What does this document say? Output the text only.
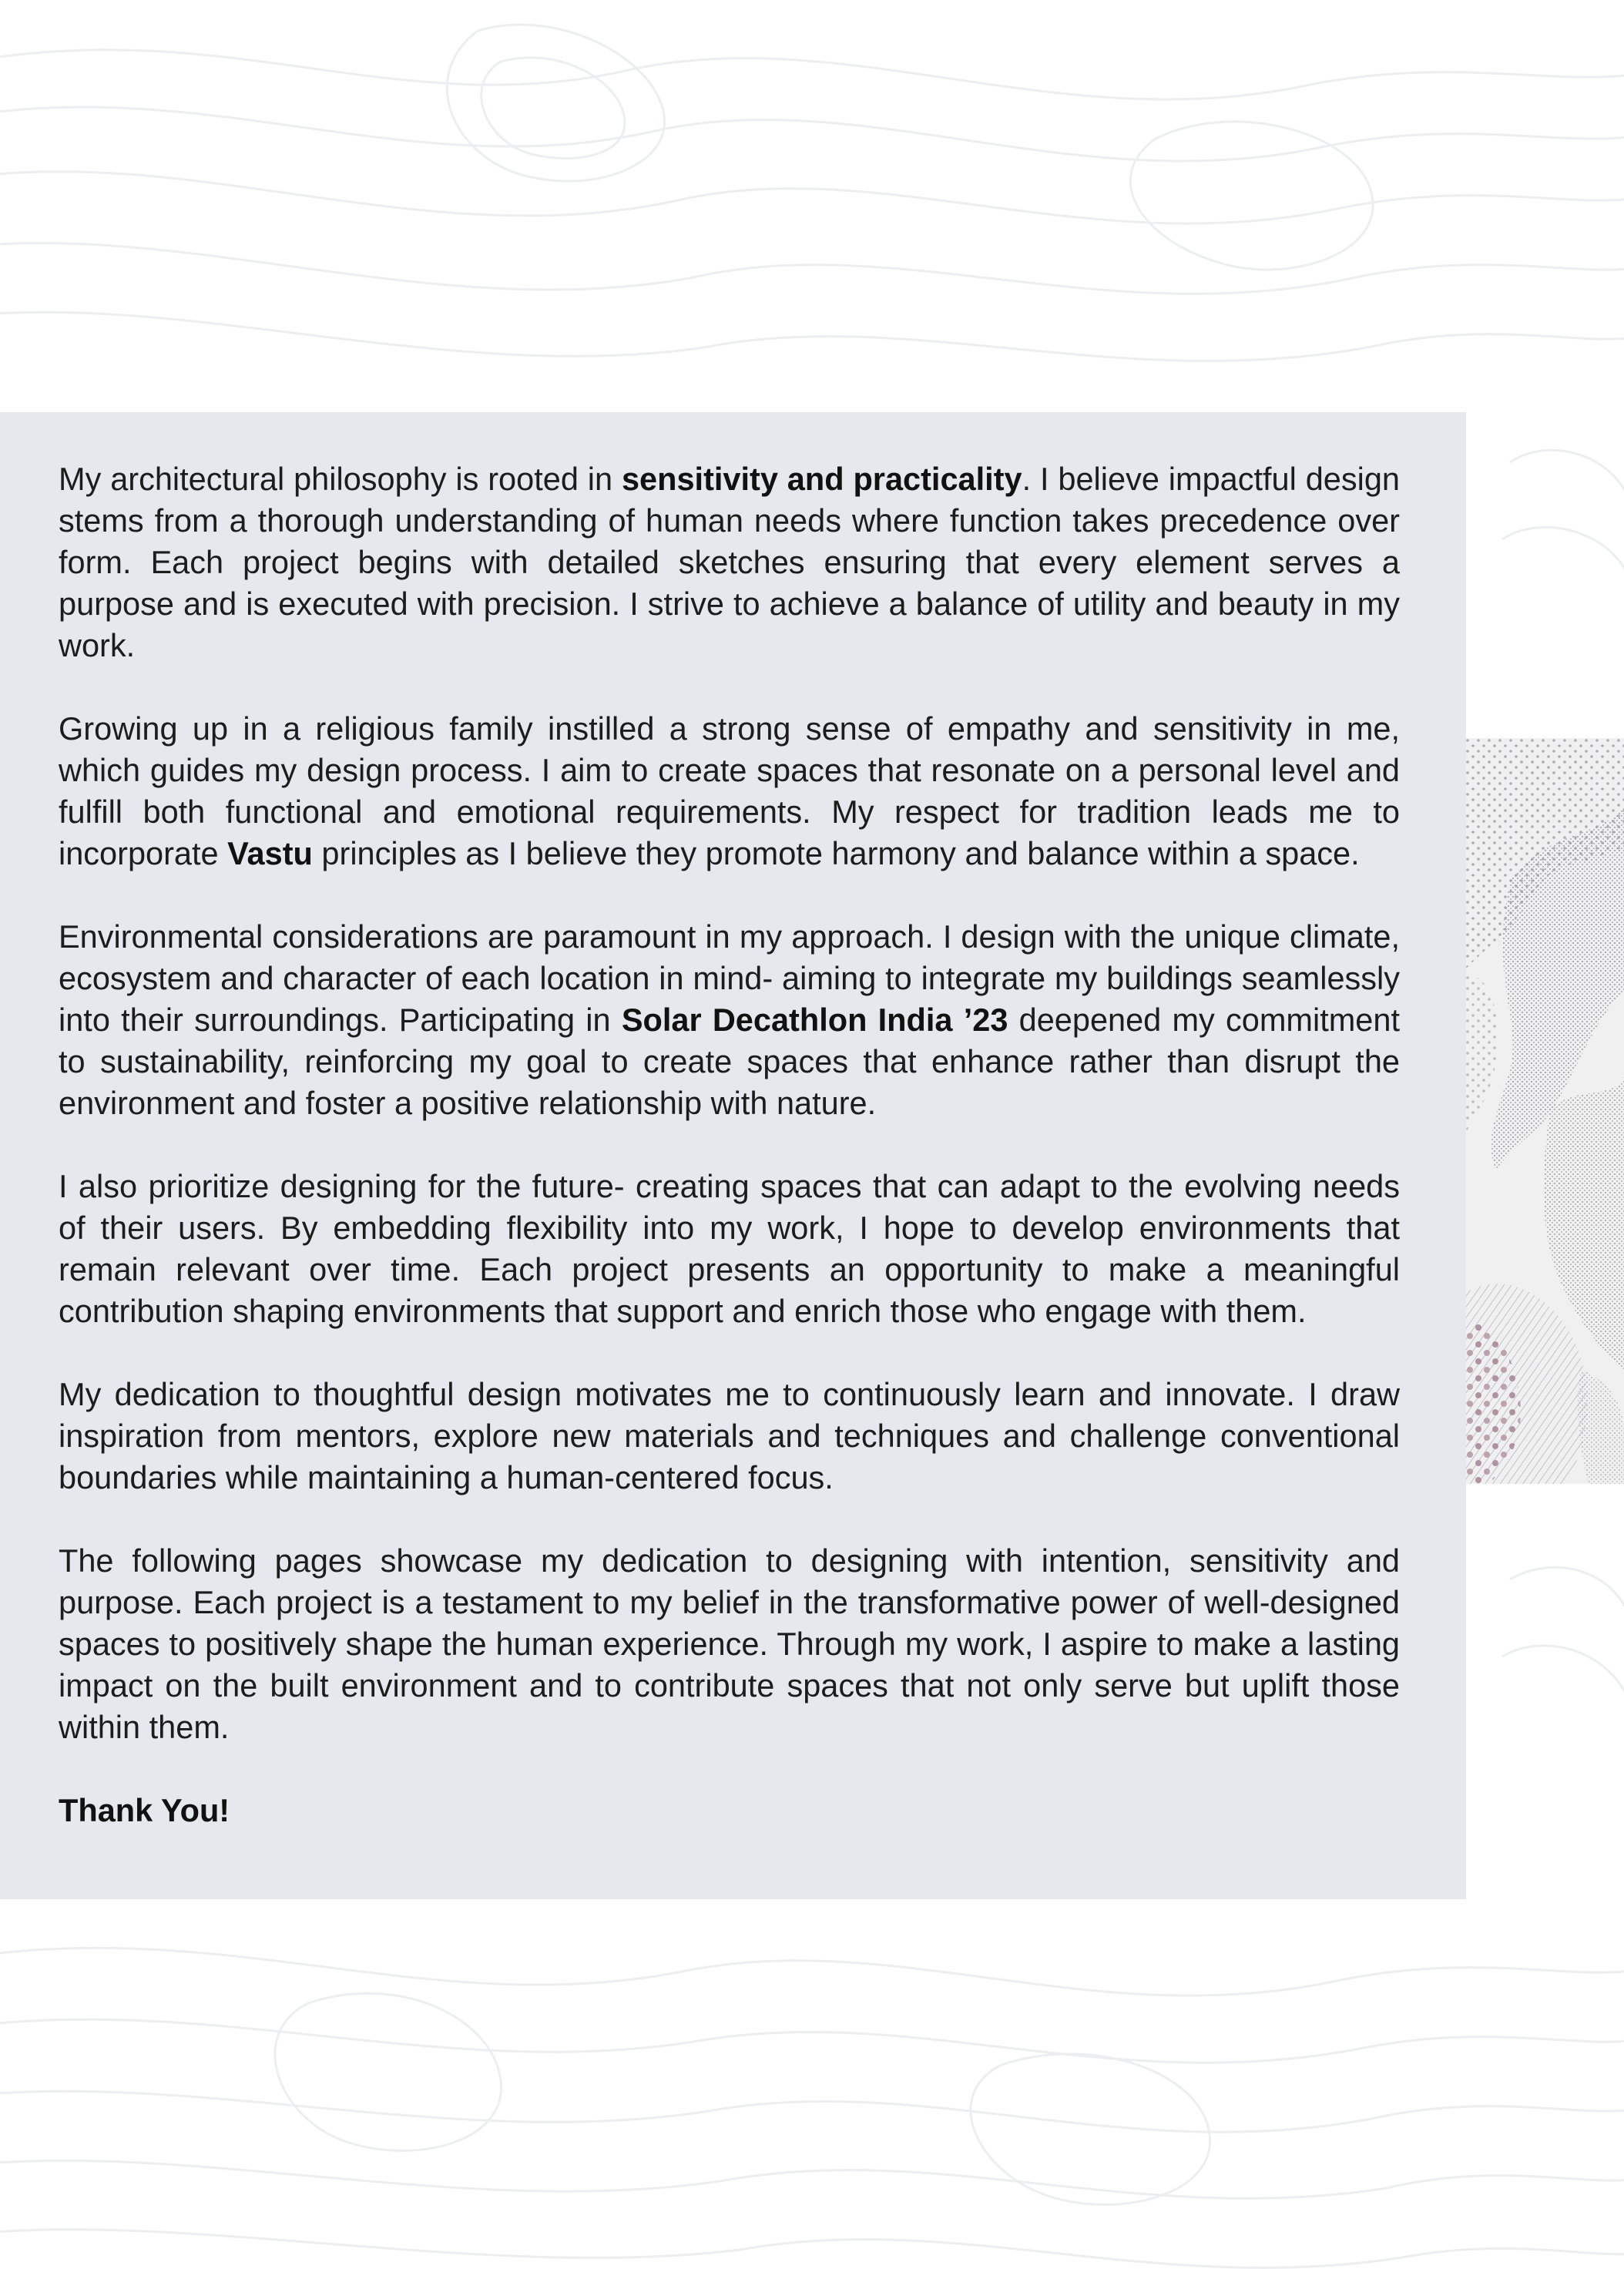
My architectural philosophy is rooted in sensitivity and practicality. I believe impactful design stems from a thorough understanding of human needs where function takes precedence over form. Each project begins with detailed sketches ensuring that every element serves a purpose and is executed with precision. I strive to achieve a balance of utility and beauty in my work.

Growing up in a religious family instilled a strong sense of empathy and sensitivity in me, which guides my design process. I aim to create spaces that resonate on a personal level and fulfill both functional and emotional requirements. My respect for tradition leads me to incorporate Vastu principles as I believe they promote harmony and balance within a space.

Environmental considerations are paramount in my approach. I design with the unique climate, ecosystem and character of each location in mind- aiming to integrate my buildings seamlessly into their surroundings. Participating in Solar Decathlon India ’23 deepened my commitment to sustainability, reinforcing my goal to create spaces that enhance rather than disrupt the environment and foster a positive relationship with nature.

I also prioritize designing for the future- creating spaces that can adapt to the evolving needs of their users. By embedding flexibility into my work, I hope to develop environments that remain relevant over time. Each project presents an opportunity to make a meaningful contribution shaping environments that support and enrich those who engage with them.

My dedication to thoughtful design motivates me to continuously learn and innovate. I draw inspiration from mentors, explore new materials and techniques and challenge conventional boundaries while maintaining a human-centered focus.

The following pages showcase my dedication to designing with intention, sensitivity and purpose. Each project is a testament to my belief in the transformative power of well-designed spaces to positively shape the human experience. Through my work, I aspire to make a lasting impact on the built environment and to contribute spaces that not only serve but uplift those within them.

Thank You!
